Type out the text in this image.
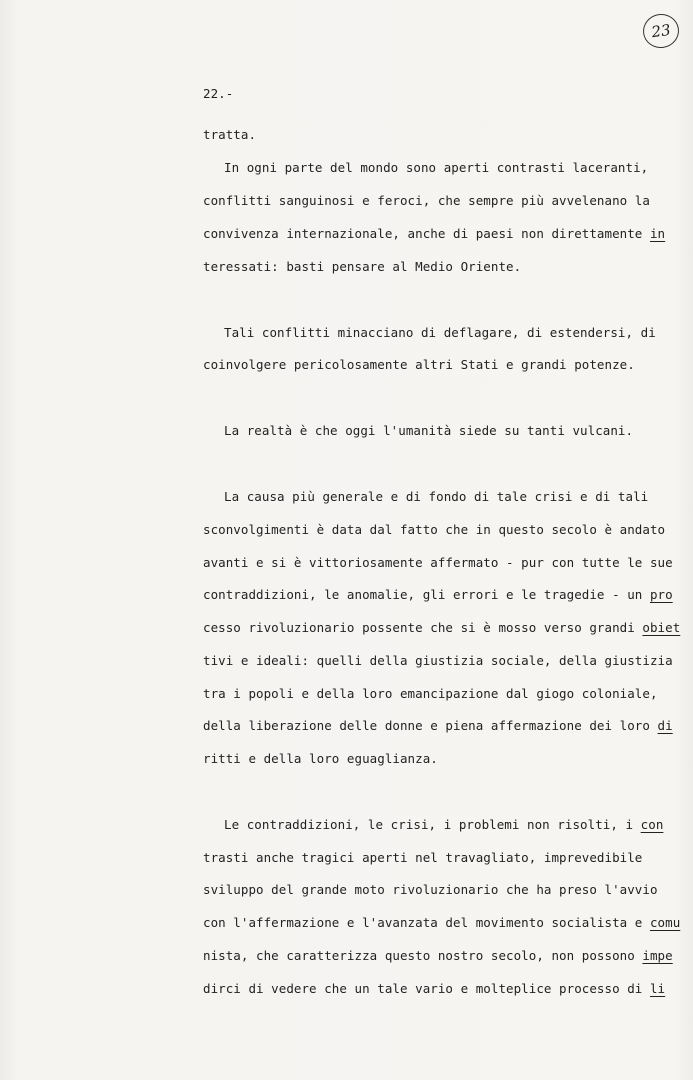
23
22.-
tratta.
In ogni parte del mondo sono aperti contrasti laceranti,
conflitti sanguinosi e feroci, che sempre più avvelenano la
convivenza internazionale, anche di paesi non direttamente in
teressati: basti pensare al Medio Oriente.
Tali conflitti minacciano di deflagare, di estendersi, di
coinvolgere pericolosamente altri Stati e grandi potenze.
La realtà è che oggi l'umanità siede su tanti vulcani.
La causa più generale e di fondo di tale crisi e di tali
sconvolgimenti è data dal fatto che in questo secolo è andato
avanti e si è vittoriosamente affermato - pur con tutte le sue
contraddizioni, le anomalie, gli errori e le tragedie - un pro
cesso rivoluzionario possente che si è mosso verso grandi obiet
tivi e ideali: quelli della giustizia sociale, della giustizia
tra i popoli e della loro emancipazione dal giogo coloniale,
della liberazione delle donne e piena affermazione dei loro di
ritti e della loro eguaglianza.
Le contraddizioni, le crisi, i problemi non risolti, i con
trasti anche tragici aperti nel travagliato, imprevedibile
sviluppo del grande moto rivoluzionario che ha preso l'avvio
con l'affermazione e l'avanzata del movimento socialista e comu
nista, che caratterizza questo nostro secolo, non possono impe
dirci di vedere che un tale vario e molteplice processo di li
